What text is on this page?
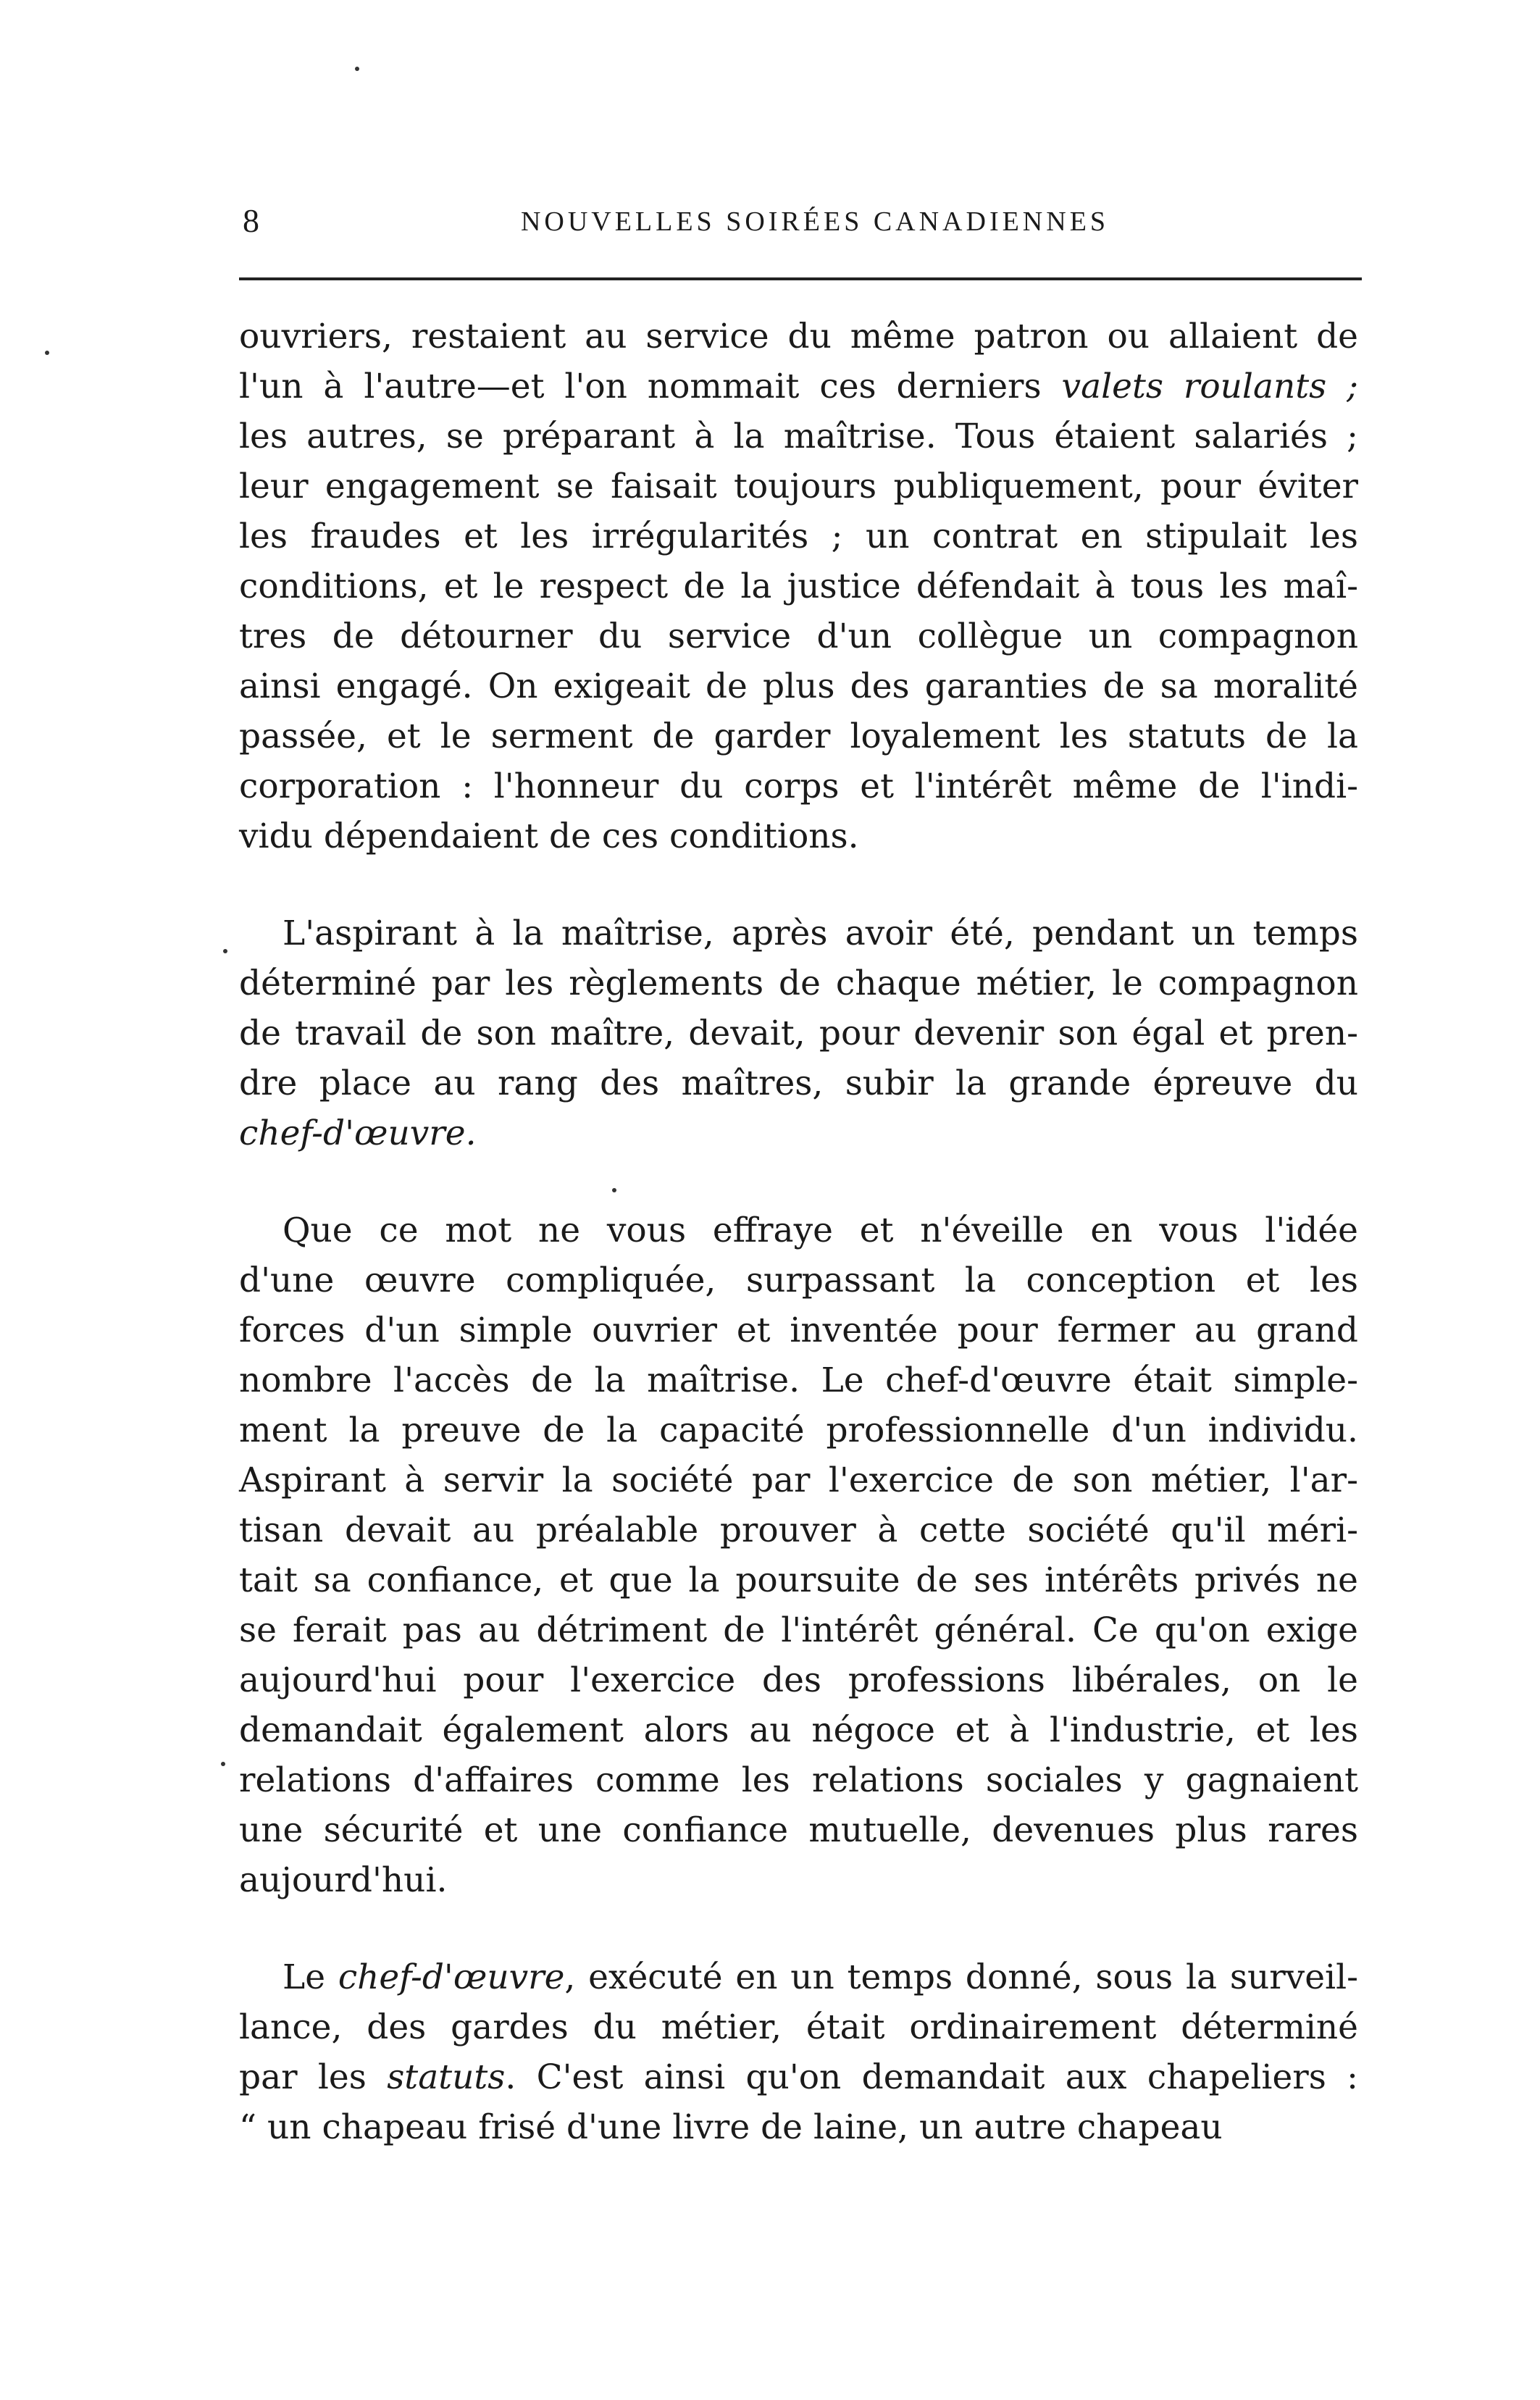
8	NOUVELLES SOIRÉES CANADIENNES
ouvriers, restaient au service du même patron ou allaient de
l'un à l'autre—et l'on nommait ces derniers valets roulants ;
les autres, se préparant à la maîtrise. Tous étaient salariés ;
leur engagement se faisait toujours publiquement, pour éviter
les fraudes et les irrégularités ; un contrat en stipulait les
conditions, et le respect de la justice défendait à tous les maî-
tres de détourner du service d'un collègue un compagnon
ainsi engagé. On exigeait de plus des garanties de sa moralité
passée, et le serment de garder loyalement les statuts de la
corporation : l'honneur du corps et l'intérêt même de l'indi-
vidu dépendaient de ces conditions.
L'aspirant à la maîtrise, après avoir été, pendant un temps
déterminé par les règlements de chaque métier, le compagnon
de travail de son maître, devait, pour devenir son égal et pren-
dre place au rang des maîtres, subir la grande épreuve du
chef-d'œuvre.
Que ce mot ne vous effraye et n'éveille en vous l'idée
d'une œuvre compliquée, surpassant la conception et les
forces d'un simple ouvrier et inventée pour fermer au grand
nombre l'accès de la maîtrise. Le chef-d'œuvre était simple-
ment la preuve de la capacité professionnelle d'un individu.
Aspirant à servir la société par l'exercice de son métier, l'ar-
tisan devait au préalable prouver à cette société qu'il méri-
tait sa confiance, et que la poursuite de ses intérêts privés ne
se ferait pas au détriment de l'intérêt général. Ce qu'on exige
aujourd'hui pour l'exercice des professions libérales, on le
demandait également alors au négoce et à l'industrie, et les
relations d'affaires comme les relations sociales y gagnaient
une sécurité et une confiance mutuelle, devenues plus rares
aujourd'hui.
Le chef-d'œuvre, exécuté en un temps donné, sous la surveil-
lance, des gardes du métier, était ordinairement déterminé
par les statuts. C'est ainsi qu'on demandait aux chapeliers :
“ un chapeau frisé d'une livre de laine, un autre chapeau
